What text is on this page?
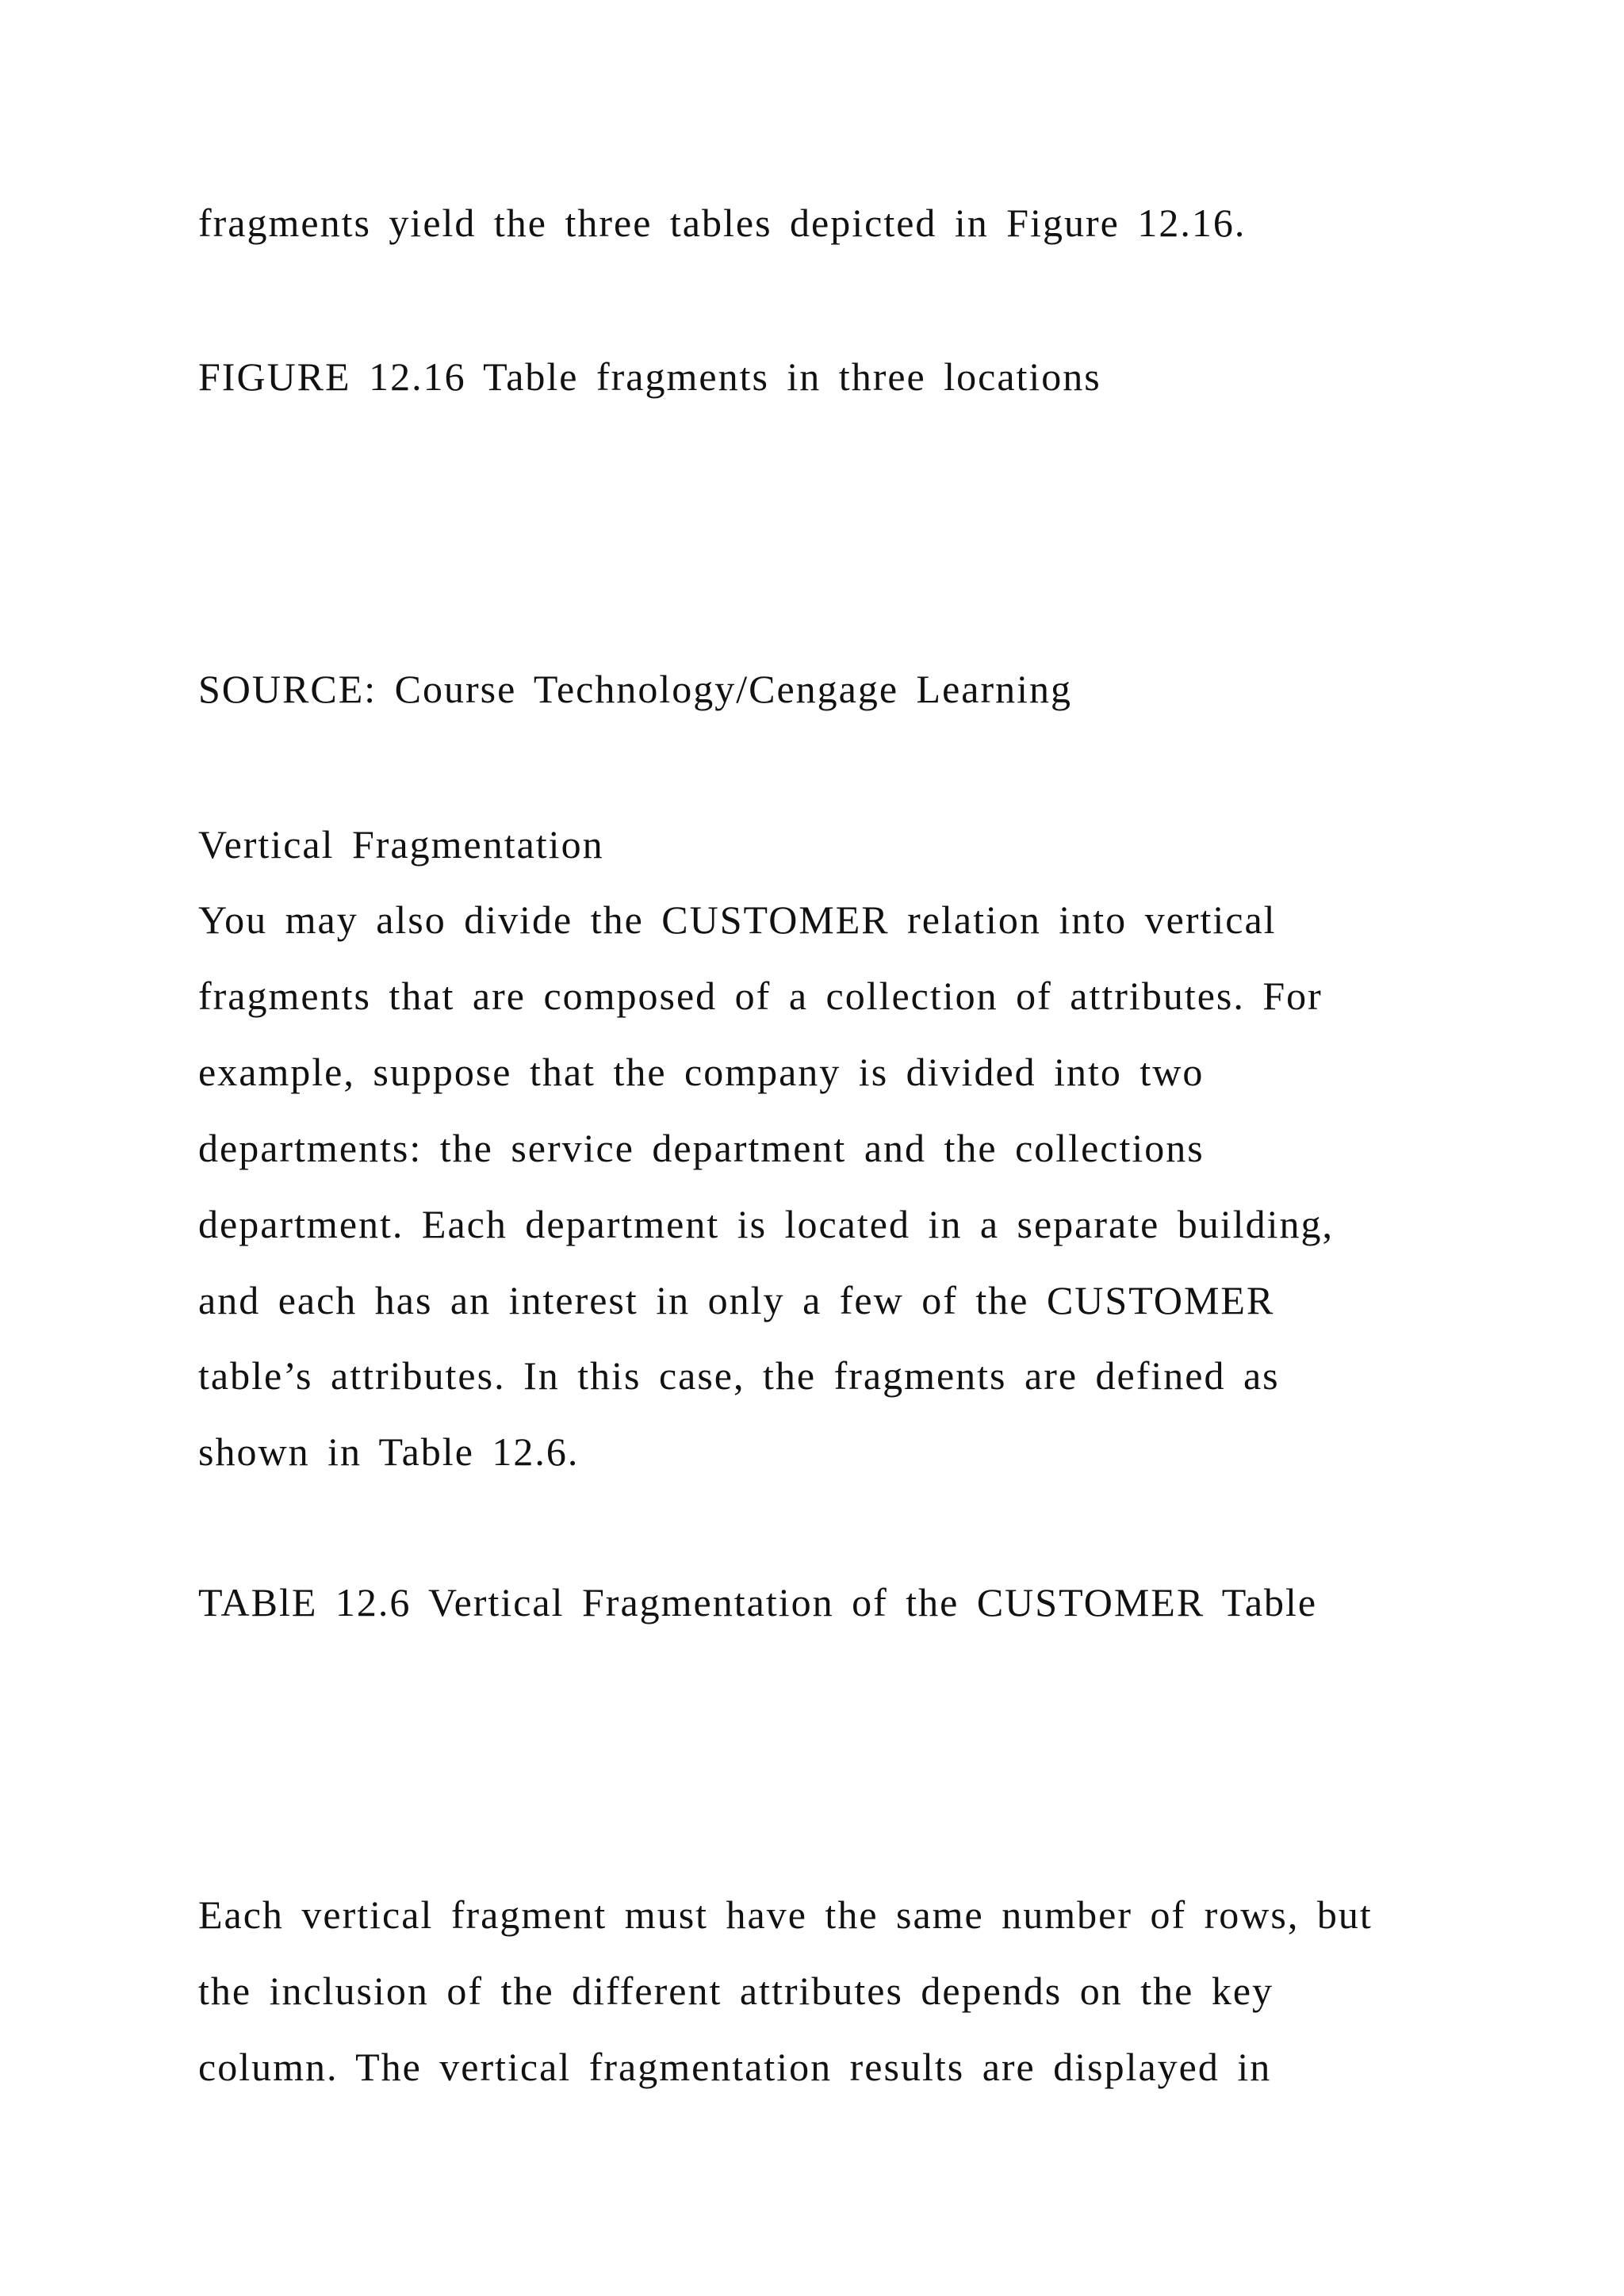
fragments yield the three tables depicted in Figure 12.16.
FIGURE 12.16 Table fragments in three locations
SOURCE: Course Technology/Cengage Learning
Vertical Fragmentation
You may also divide the CUSTOMER relation into vertical
fragments that are composed of a collection of attributes. For
example, suppose that the company is divided into two
departments: the service department and the collections
department. Each department is located in a separate building,
and each has an interest in only a few of the CUSTOMER
table’s attributes. In this case, the fragments are defined as
shown in Table 12.6.
TABlE 12.6 Vertical Fragmentation of the CUSTOMER Table
Each vertical fragment must have the same number of rows, but
the inclusion of the different attributes depends on the key
column. The vertical fragmentation results are displayed in
